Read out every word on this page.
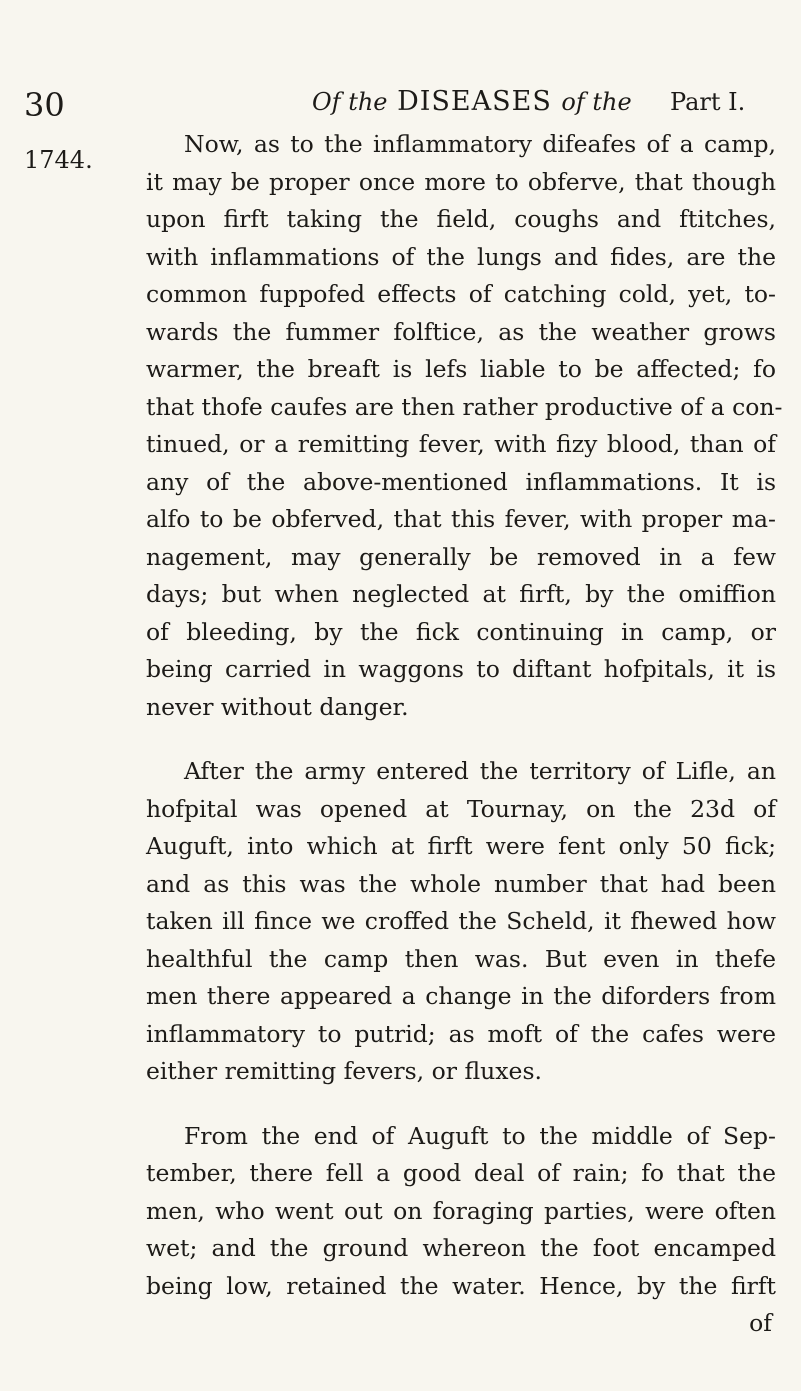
30	Of the DISEASES of the Part I.
1744.
Now, as to the inflammatory difeafes of a camp,
it may be proper once more to obferve, that though
upon firft taking the field, coughs and ftitches,
with inflammations of the lungs and fides, are the
common fuppofed effects of catching cold, yet, to-
wards the fummer folftice, as the weather grows
warmer, the breaft is lefs liable to be affected; fo
that thofe caufes are then rather productive of a con-
tinued, or a remitting fever, with fizy blood, than of
any of the above-mentioned inflammations. It is
alfo to be obferved, that this fever, with proper ma-
nagement, may generally be removed in a few
days; but when neglected at firft, by the omiffion
of bleeding, by the fick continuing in camp, or
being carried in waggons to diftant hofpitals, it is
never without danger.
After the army entered the territory of Lifle, an
hofpital was opened at Tournay, on the 23d of
Auguft, into which at firft were fent only 50 fick;
and as this was the whole number that had been
taken ill fince we croffed the Scheld, it fhewed how
healthful the camp then was. But even in thefe
men there appeared a change in the diforders from
inflammatory to putrid; as moft of the cafes were
either remitting fevers, or fluxes.
From the end of Auguft to the middle of Sep-
tember, there fell a good deal of rain; fo that the
men, who went out on foraging parties, were often
wet; and the ground whereon the foot encamped
being low, retained the water. Hence, by the firft
of
